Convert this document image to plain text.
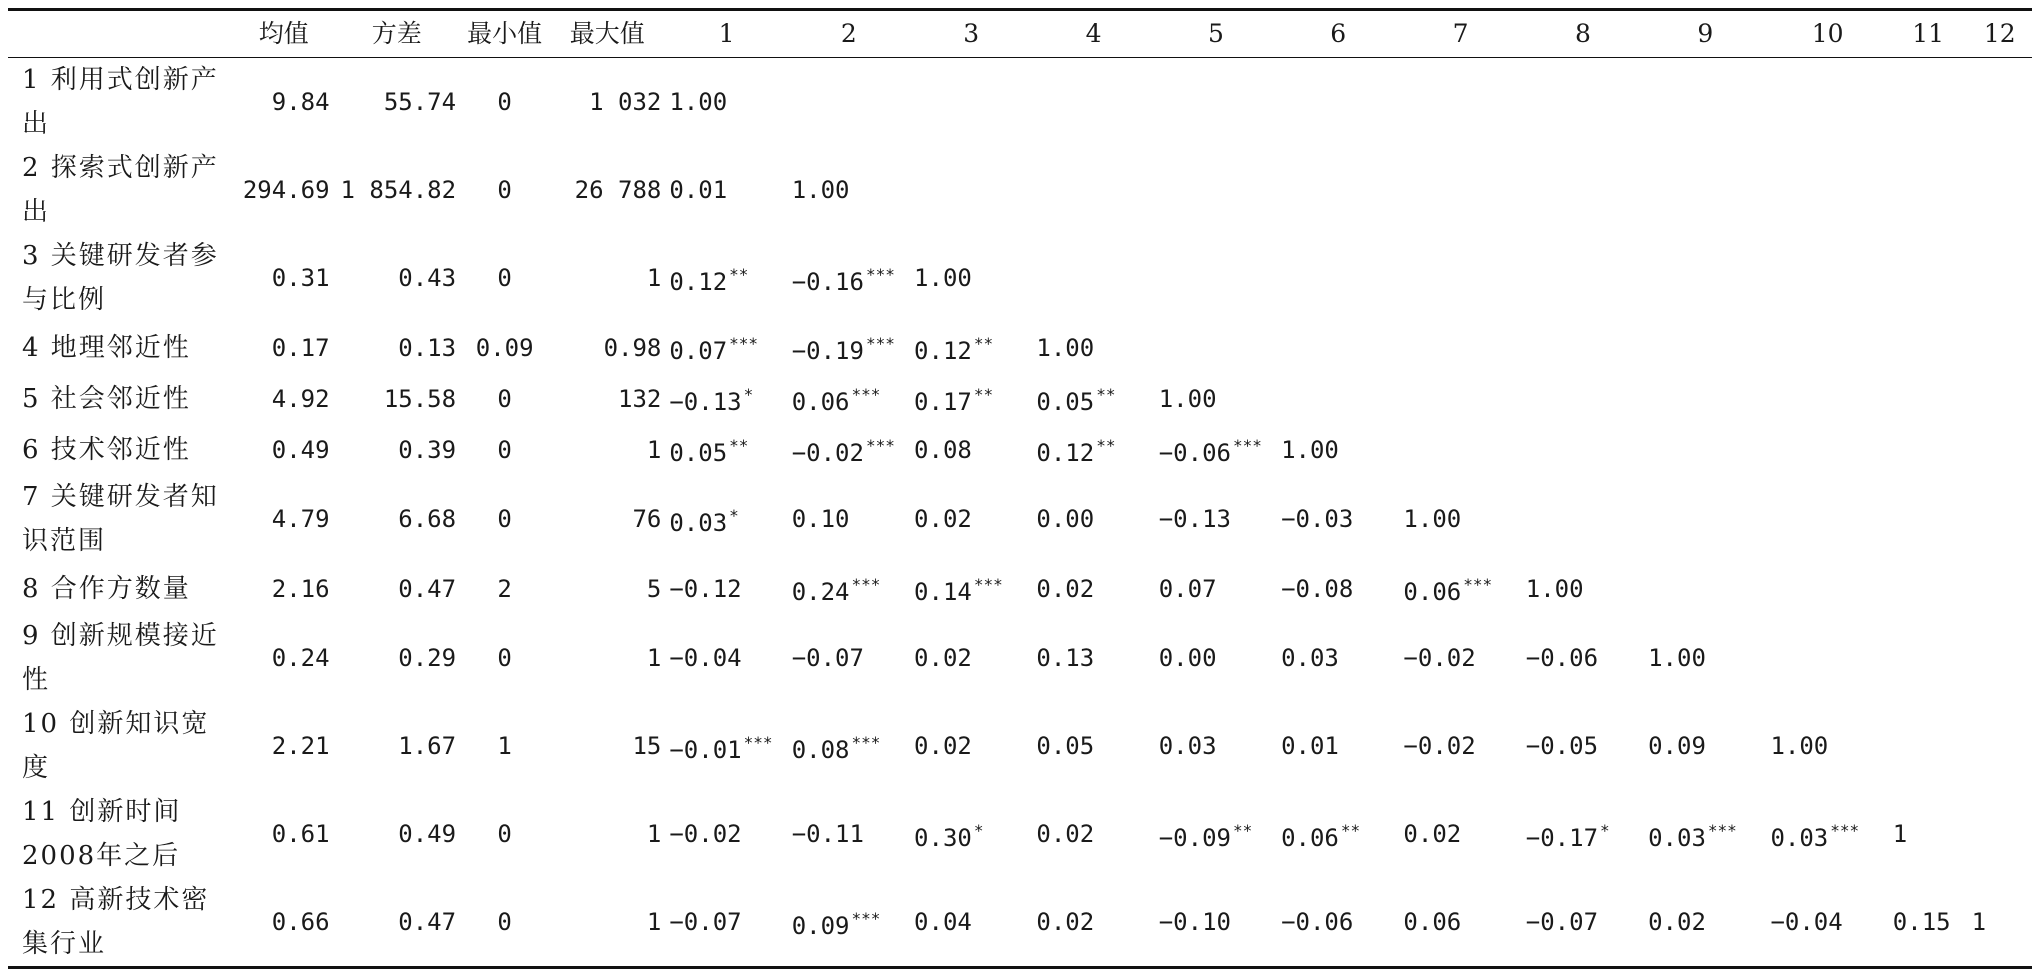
	均值	方差	最小值	最大值	1	2	3	4	5	6	7	8	9	10	11	12
1 利用式创新产出	9.84	55.74	0	1 032	1.00											
2 探索式创新产出	294.69	1 854.82	0	26 788	0.01	1.00										
3 关键研发者参与比例	0.31	0.43	0	1	0.12 **	−0.16 ***	1.00									
4 地理邻近性	0.17	0.13	0.09	0.98	0.07 ***	−0.19 ***	0.12 **	1.00								
5 社会邻近性	4.92	15.58	0	132	−0.13 *	0.06 ***	0.17 **	0.05 **	1.00							
6 技术邻近性	0.49	0.39	0	1	0.05 **	−0.02 ***	0.08	0.12 **	−0.06 ***	1.00						
7 关键研发者知识范围	4.79	6.68	0	76	0.03 *	0.10	0.02	0.00	−0.13	−0.03	1.00					
8 合作方数量	2.16	0.47	2	5	−0.12	0.24 ***	0.14 ***	0.02	0.07	−0.08	0.06 ***	1.00				
9 创新规模接近性	0.24	0.29	0	1	−0.04	−0.07	0.02	0.13	0.00	0.03	−0.02	−0.06	1.00			
10 创新知识宽度	2.21	1.67	1	15	−0.01 ***	0.08 ***	0.02	0.05	0.03	0.01	−0.02	−0.05	0.09	1.00		
11 创新时间 2008年之后	0.61	0.49	0	1	−0.02	−0.11	0.30 *	0.02	−0.09 **	0.06 **	0.02	−0.17 *	0.03 ***	0.03 ***	1	
12 高新技术密集行业	0.66	0.47	0	1	−0.07	0.09 ***	0.04	0.02	−0.10	−0.06	0.06	−0.07	0.02	−0.04	0.15	1
